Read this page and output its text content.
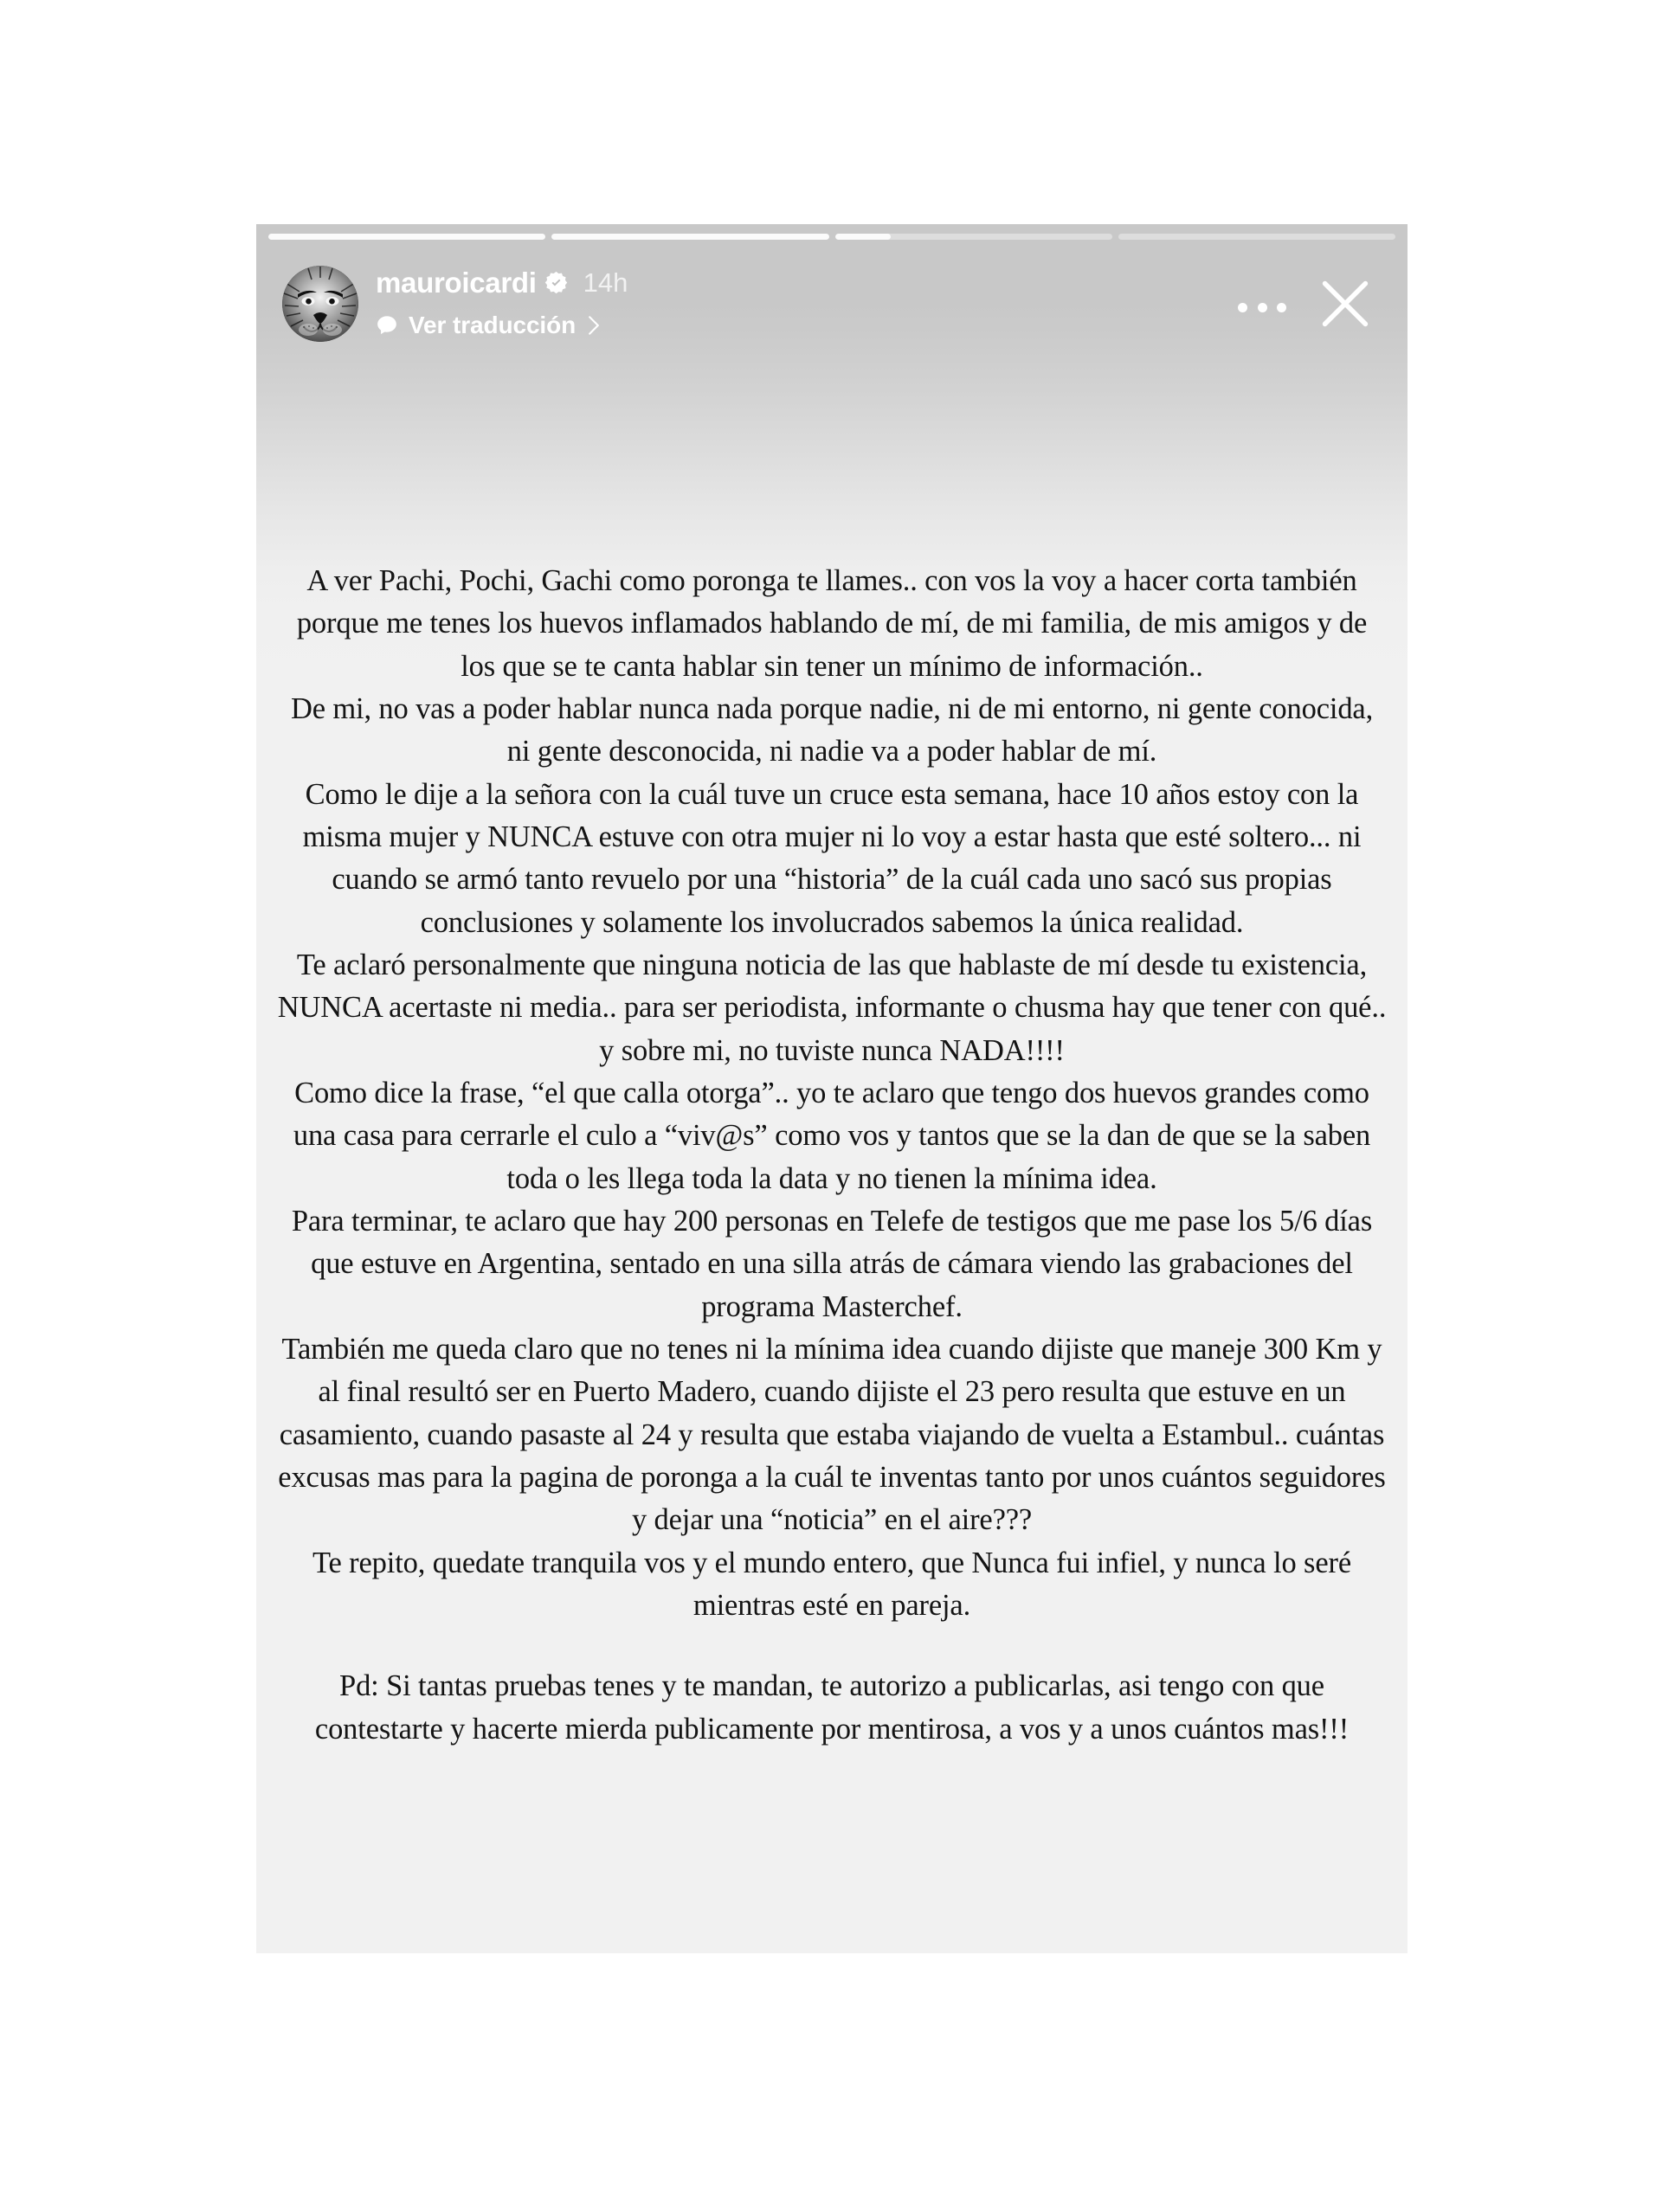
mauroicardi 14h
Ver traducción
A ver Pachi, Pochi, Gachi como poronga te llames.. con vos la voy a hacer corta también porque me tenes los huevos inflamados hablando de mí, de mi familia, de mis amigos y de los que se te canta hablar sin tener un mínimo de información..
De mi, no vas a poder hablar nunca nada porque nadie, ni de mi entorno, ni gente conocida, ni gente desconocida, ni nadie va a poder hablar de mí.
Como le dije a la señora con la cuál tuve un cruce esta semana, hace 10 años estoy con la misma mujer y NUNCA estuve con otra mujer ni lo voy a estar hasta que esté soltero... ni cuando se armó tanto revuelo por una “historia” de la cuál cada uno sacó sus propias conclusiones y solamente los involucrados sabemos la única realidad.
Te aclaró personalmente que ninguna noticia de las que hablaste de mí desde tu existencia, NUNCA acertaste ni media.. para ser periodista, informante o chusma hay que tener con qué.. y sobre mi, no tuviste nunca NADA!!!!
Como dice la frase, “el que calla otorga”.. yo te aclaro que tengo dos huevos grandes como una casa para cerrarle el culo a “viv@s” como vos y tantos que se la dan de que se la saben toda o les llega toda la data y no tienen la mínima idea.
Para terminar, te aclaro que hay 200 personas en Telefe de testigos que me pase los 5/6 días que estuve en Argentina, sentado en una silla atrás de cámara viendo las grabaciones del programa Masterchef.
También me queda claro que no tenes ni la mínima idea cuando dijiste que maneje 300 Km y al final resultó ser en Puerto Madero, cuando dijiste el 23 pero resulta que estuve en un casamiento, cuando pasaste al 24 y resulta que estaba viajando de vuelta a Estambul.. cuántas excusas mas para la pagina de poronga a la cuál te inventas tanto por unos cuántos seguidores y dejar una “noticia” en el aire???
Te repito, quedate tranquila vos y el mundo entero, que Nunca fui infiel, y nunca lo seré mientras esté en pareja.
Pd: Si tantas pruebas tenes y te mandan, te autorizo a publicarlas, asi tengo con que contestarte y hacerte mierda publicamente por mentirosa, a vos y a unos cuántos mas!!!
